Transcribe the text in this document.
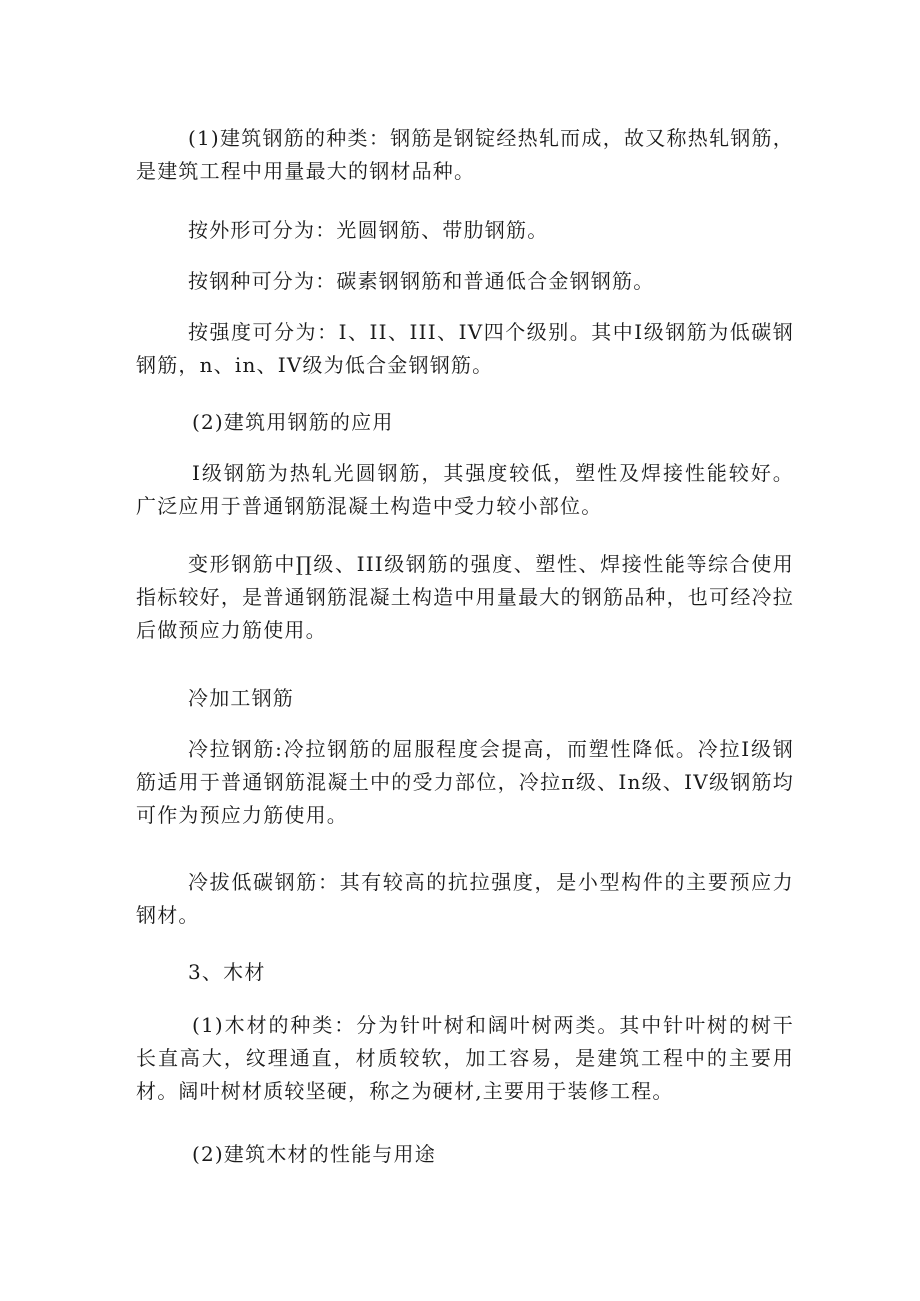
(1)建筑钢筋的种类：钢筋是钢锭经热轧而成，故又称热轧钢筋，是建筑工程中用量最大的钢材品种。

按外形可分为：光圆钢筋、带肋钢筋。

按钢种可分为：碳素钢钢筋和普通低合金钢钢筋。

按强度可分为：I、II、III、IV四个级别。其中I级钢筋为低碳钢钢筋，n、in、IV级为低合金钢钢筋。

(2)建筑用钢筋的应用

I级钢筋为热轧光圆钢筋，其强度较低，塑性及焊接性能较好。广泛应用于普通钢筋混凝土构造中受力较小部位。

变形钢筋中∏级、III级钢筋的强度、塑性、焊接性能等综合使用指标较好，是普通钢筋混凝土构造中用量最大的钢筋品种，也可经冷拉后做预应力筋使用。

冷加工钢筋

冷拉钢筋:冷拉钢筋的屈服程度会提高，而塑性降低。冷拉I级钢筋适用于普通钢筋混凝土中的受力部位，冷拉π级、In级、IV级钢筋均可作为预应力筋使用。

冷拔低碳钢筋：其有较高的抗拉强度，是小型构件的主要预应力钢材。

3、木材

(1)木材的种类：分为针叶树和阔叶树两类。其中针叶树的树干长直高大，纹理通直，材质较软，加工容易，是建筑工程中的主要用材。阔叶树材质较坚硬，称之为硬材,主要用于装修工程。

(2)建筑木材的性能与用途
